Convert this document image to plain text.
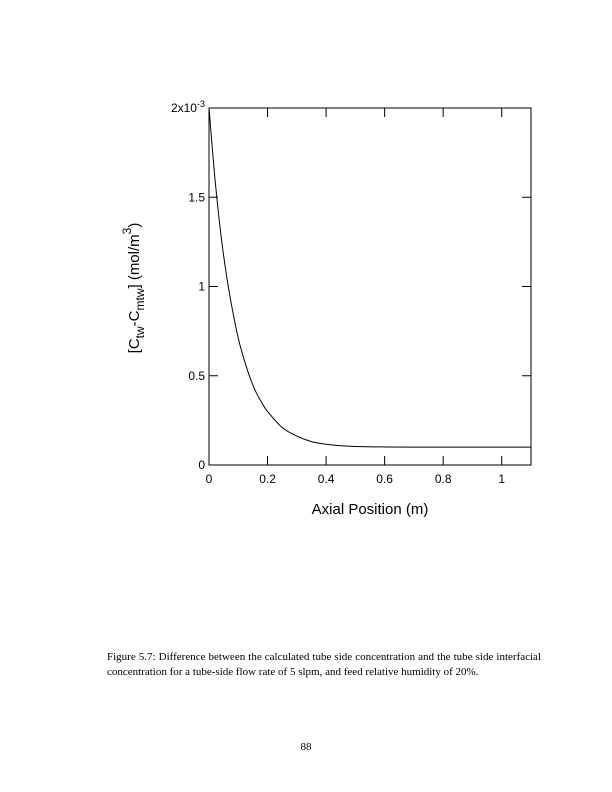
0	0.2	0.4	0.6	0.8	1
0
0.5
1
1.5
$2x10^{-3}$
Axial Position (m)
$[C_{tw}-C_{mtw}]$ $(mol/m^3)$
Figure 5.7: Difference between the calculated tube side concentration and the tube side interfacial concentration for a tube-side flow rate of 5 slpm, and feed relative humidity of 20%.
88
